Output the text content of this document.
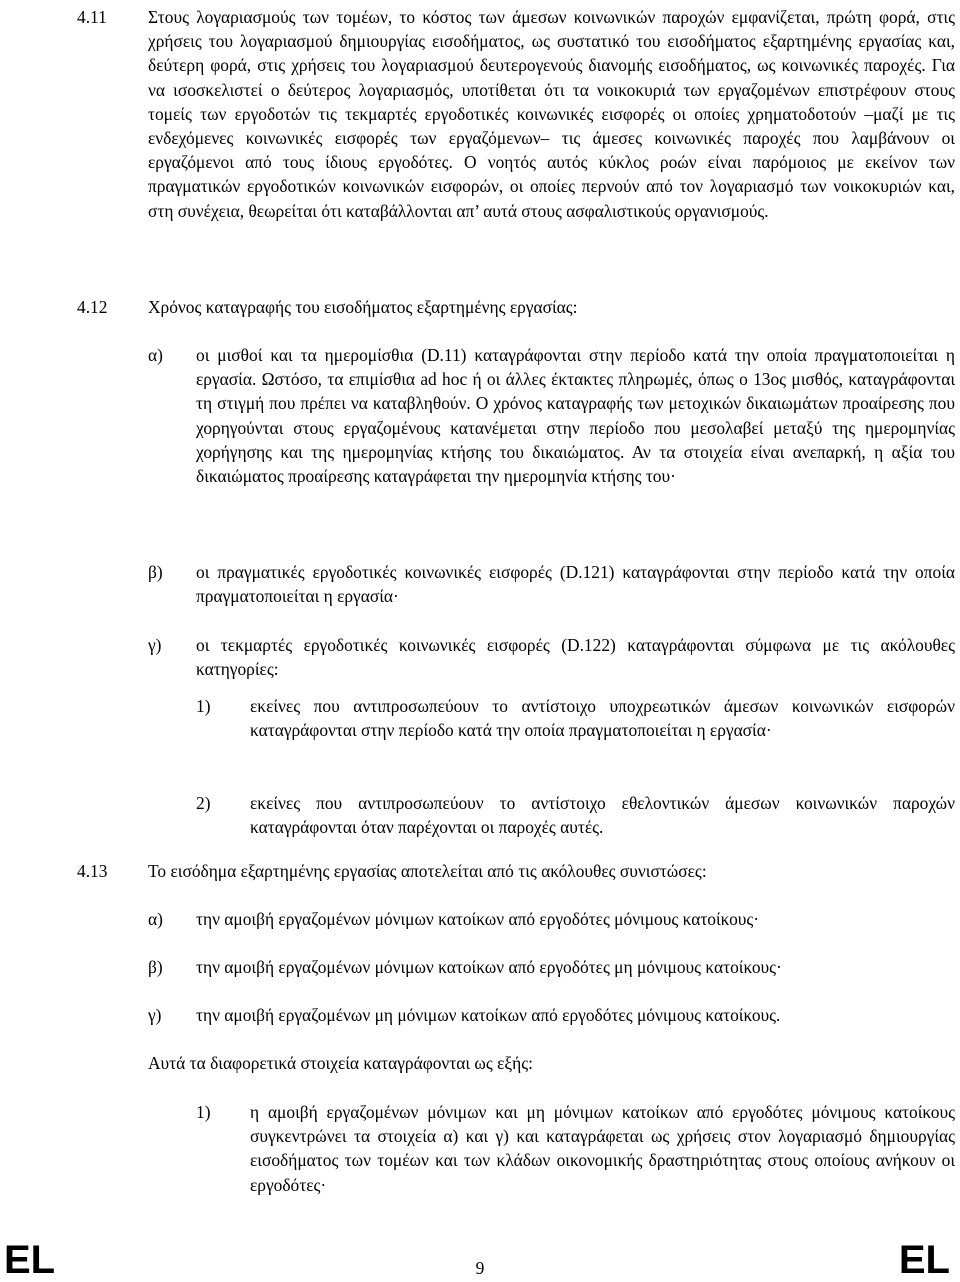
4.11 Στους λογαριασμούς των τομέων, το κόστος των άμεσων κοινωνικών παροχών εμφανίζεται, πρώτη φορά, στις χρήσεις του λογαριασμού δημιουργίας εισοδήματος, ως συστατικό του εισοδήματος εξαρτημένης εργασίας και, δεύτερη φορά, στις χρήσεις του λογαριασμού δευτερογενούς διανομής εισοδήματος, ως κοινωνικές παροχές. Για να ισοσκελιστεί ο δεύτερος λογαριασμός, υποτίθεται ότι τα νοικοκυριά των εργαζομένων επιστρέφουν στους τομείς των εργοδοτών τις τεκμαρτές εργοδοτικές κοινωνικές εισφορές οι οποίες χρηματοδοτούν –μαζί με τις ενδεχόμενες κοινωνικές εισφορές των εργαζόμενων– τις άμεσες κοινωνικές παροχές που λαμβάνουν οι εργαζόμενοι από τους ίδιους εργοδότες. Ο νοητός αυτός κύκλος ροών είναι παρόμοιος με εκείνον των πραγματικών εργοδοτικών κοινωνικών εισφορών, οι οποίες περνούν από τον λογαριασμό των νοικοκυριών και, στη συνέχεια, θεωρείται ότι καταβάλλονται απ’ αυτά στους ασφαλιστικούς οργανισμούς.
4.12 Χρόνος καταγραφής του εισοδήματος εξαρτημένης εργασίας:
α) οι μισθοί και τα ημερομίσθια (D.11) καταγράφονται στην περίοδο κατά την οποία πραγματοποιείται η εργασία. Ωστόσο, τα επιμίσθια ad hoc ή οι άλλες έκτακτες πληρωμές, όπως ο 13ος μισθός, καταγράφονται τη στιγμή που πρέπει να καταβληθούν. Ο χρόνος καταγραφής των μετοχικών δικαιωμάτων προαίρεσης που χορηγούνται στους εργαζομένους κατανέμεται στην περίοδο που μεσολαβεί μεταξύ της ημερομηνίας χορήγησης και της ημερομηνίας κτήσης του δικαιώματος. Αν τα στοιχεία είναι ανεπαρκή, η αξία του δικαιώματος προαίρεσης καταγράφεται την ημερομηνία κτήσης του·
β) οι πραγματικές εργοδοτικές κοινωνικές εισφορές (D.121) καταγράφονται στην περίοδο κατά την οποία πραγματοποιείται η εργασία·
γ) οι τεκμαρτές εργοδοτικές κοινωνικές εισφορές (D.122) καταγράφονται σύμφωνα με τις ακόλουθες κατηγορίες:
1) εκείνες που αντιπροσωπεύουν το αντίστοιχο υποχρεωτικών άμεσων κοινωνικών εισφορών καταγράφονται στην περίοδο κατά την οποία πραγματοποιείται η εργασία·
2) εκείνες που αντιπροσωπεύουν το αντίστοιχο εθελοντικών άμεσων κοινωνικών παροχών καταγράφονται όταν παρέχονται οι παροχές αυτές.
4.13 Το εισόδημα εξαρτημένης εργασίας αποτελείται από τις ακόλουθες συνιστώσες:
α) την αμοιβή εργαζομένων μόνιμων κατοίκων από εργοδότες μόνιμους κατοίκους·
β) την αμοιβή εργαζομένων μόνιμων κατοίκων από εργοδότες μη μόνιμους κατοίκους·
γ) την αμοιβή εργαζομένων μη μόνιμων κατοίκων από εργοδότες μόνιμους κατοίκους.
Αυτά τα διαφορετικά στοιχεία καταγράφονται ως εξής:
1) η αμοιβή εργαζομένων μόνιμων και μη μόνιμων κατοίκων από εργοδότες μόνιμους κατοίκους συγκεντρώνει τα στοιχεία α) και γ) και καταγράφεται ως χρήσεις στον λογαριασμό δημιουργίας εισοδήματος των τομέων και των κλάδων οικονομικής δραστηριότητας στους οποίους ανήκουν οι εργοδότες·
EL	9	EL
